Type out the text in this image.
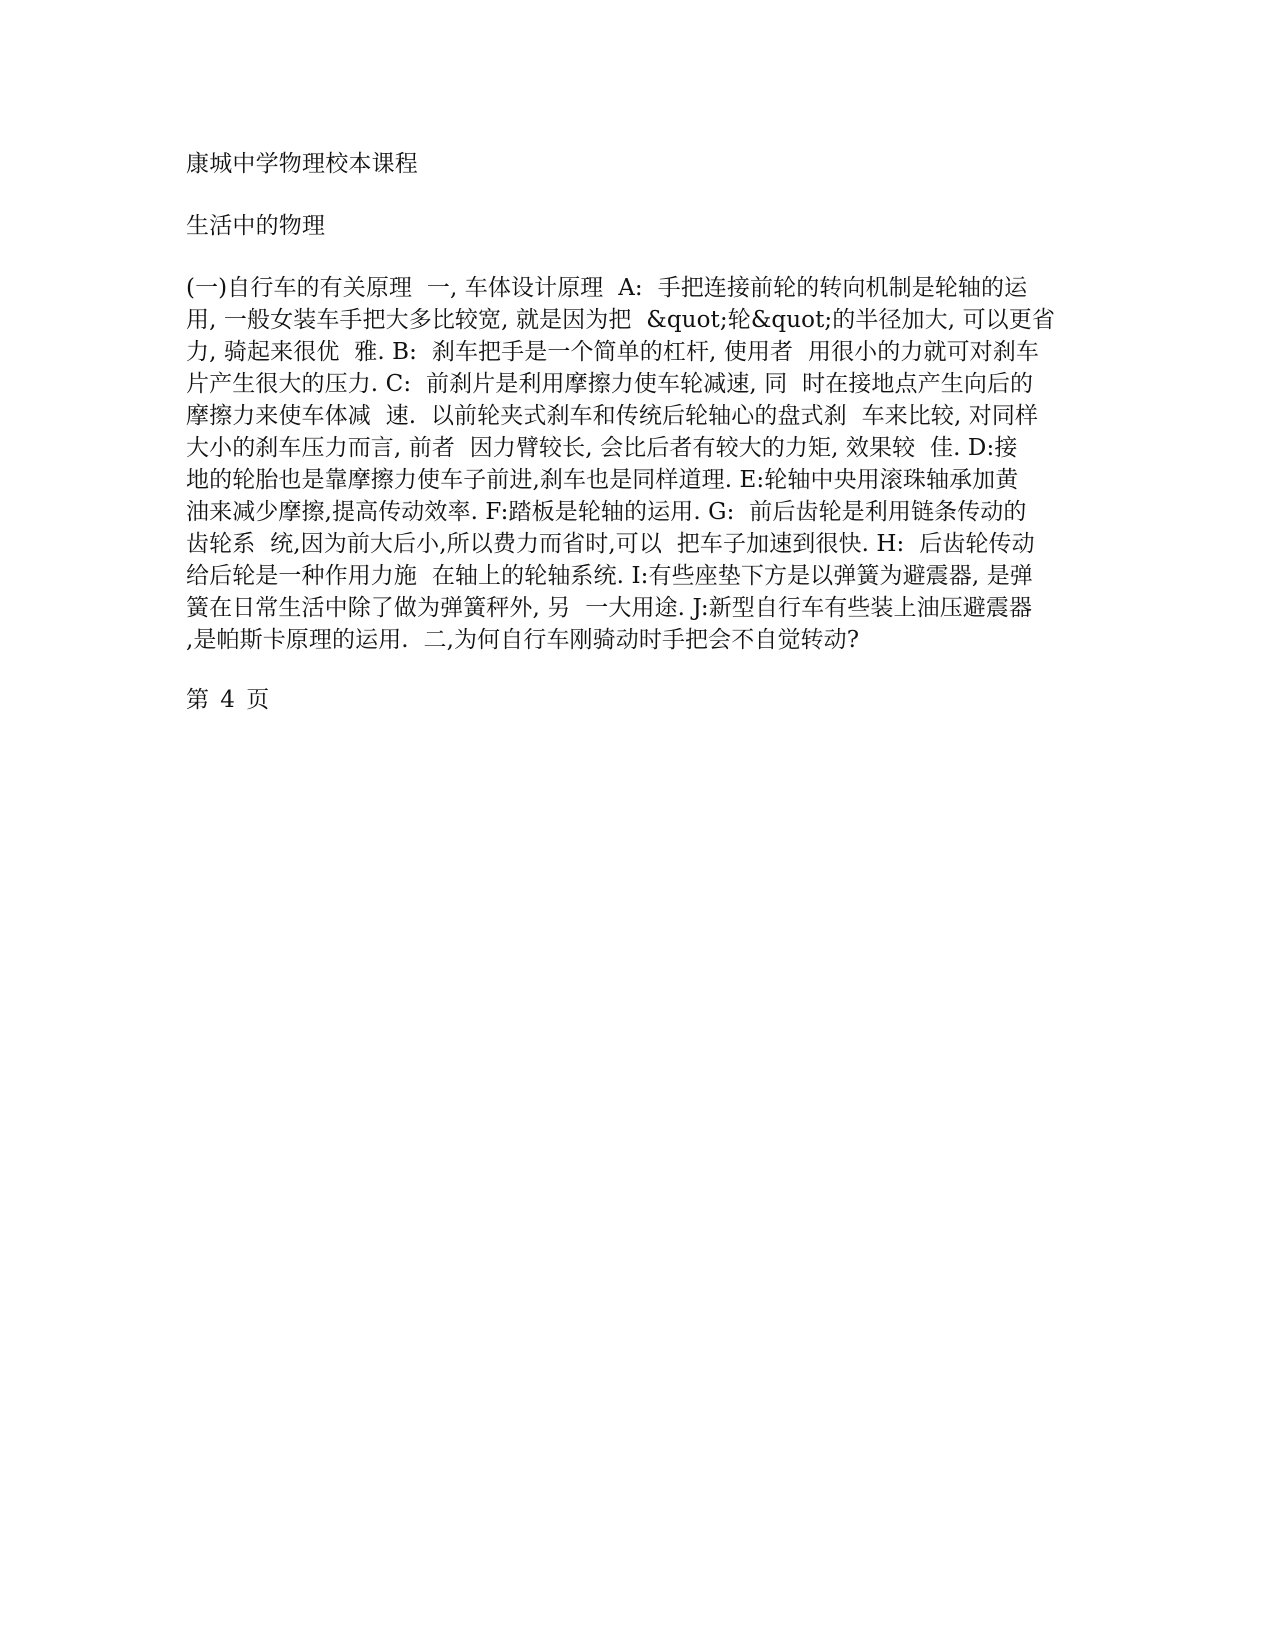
康城中学物理校本课程

生活中的物理

(一)自行车的有关原理  一, 车体设计原理  A:  手把连接前轮的转向机制是轮轴的运
用, 一般女装车手把大多比较宽, 就是因为把  &quot;轮&quot;的半径加大, 可以更省
力, 骑起来很优  雅. B:  刹车把手是一个简单的杠杆, 使用者  用很小的力就可对刹车
片产生很大的压力. C:  前刹片是利用摩擦力使车轮减速, 同  时在接地点产生向后的
摩擦力来使车体减  速.  以前轮夹式刹车和传统后轮轴心的盘式刹  车来比较, 对同样
大小的刹车压力而言, 前者  因力臂较长, 会比后者有较大的力矩, 效果较  佳. D:接
地的轮胎也是靠摩擦力使车子前进,刹车也是同样道理. E:轮轴中央用滚珠轴承加黄
油来减少摩擦,提高传动效率. F:踏板是轮轴的运用. G:  前后齿轮是利用链条传动的
齿轮系  统,因为前大后小,所以费力而省时,可以  把车子加速到很快. H:  后齿轮传动
给后轮是一种作用力施  在轴上的轮轴系统. I:有些座垫下方是以弹簧为避震器, 是弹
簧在日常生活中除了做为弹簧秤外, 另  一大用途. J:新型自行车有些装上油压避震器
,是帕斯卡原理的运用.  二,为何自行车刚骑动时手把会不自觉转动?

第 4 页
